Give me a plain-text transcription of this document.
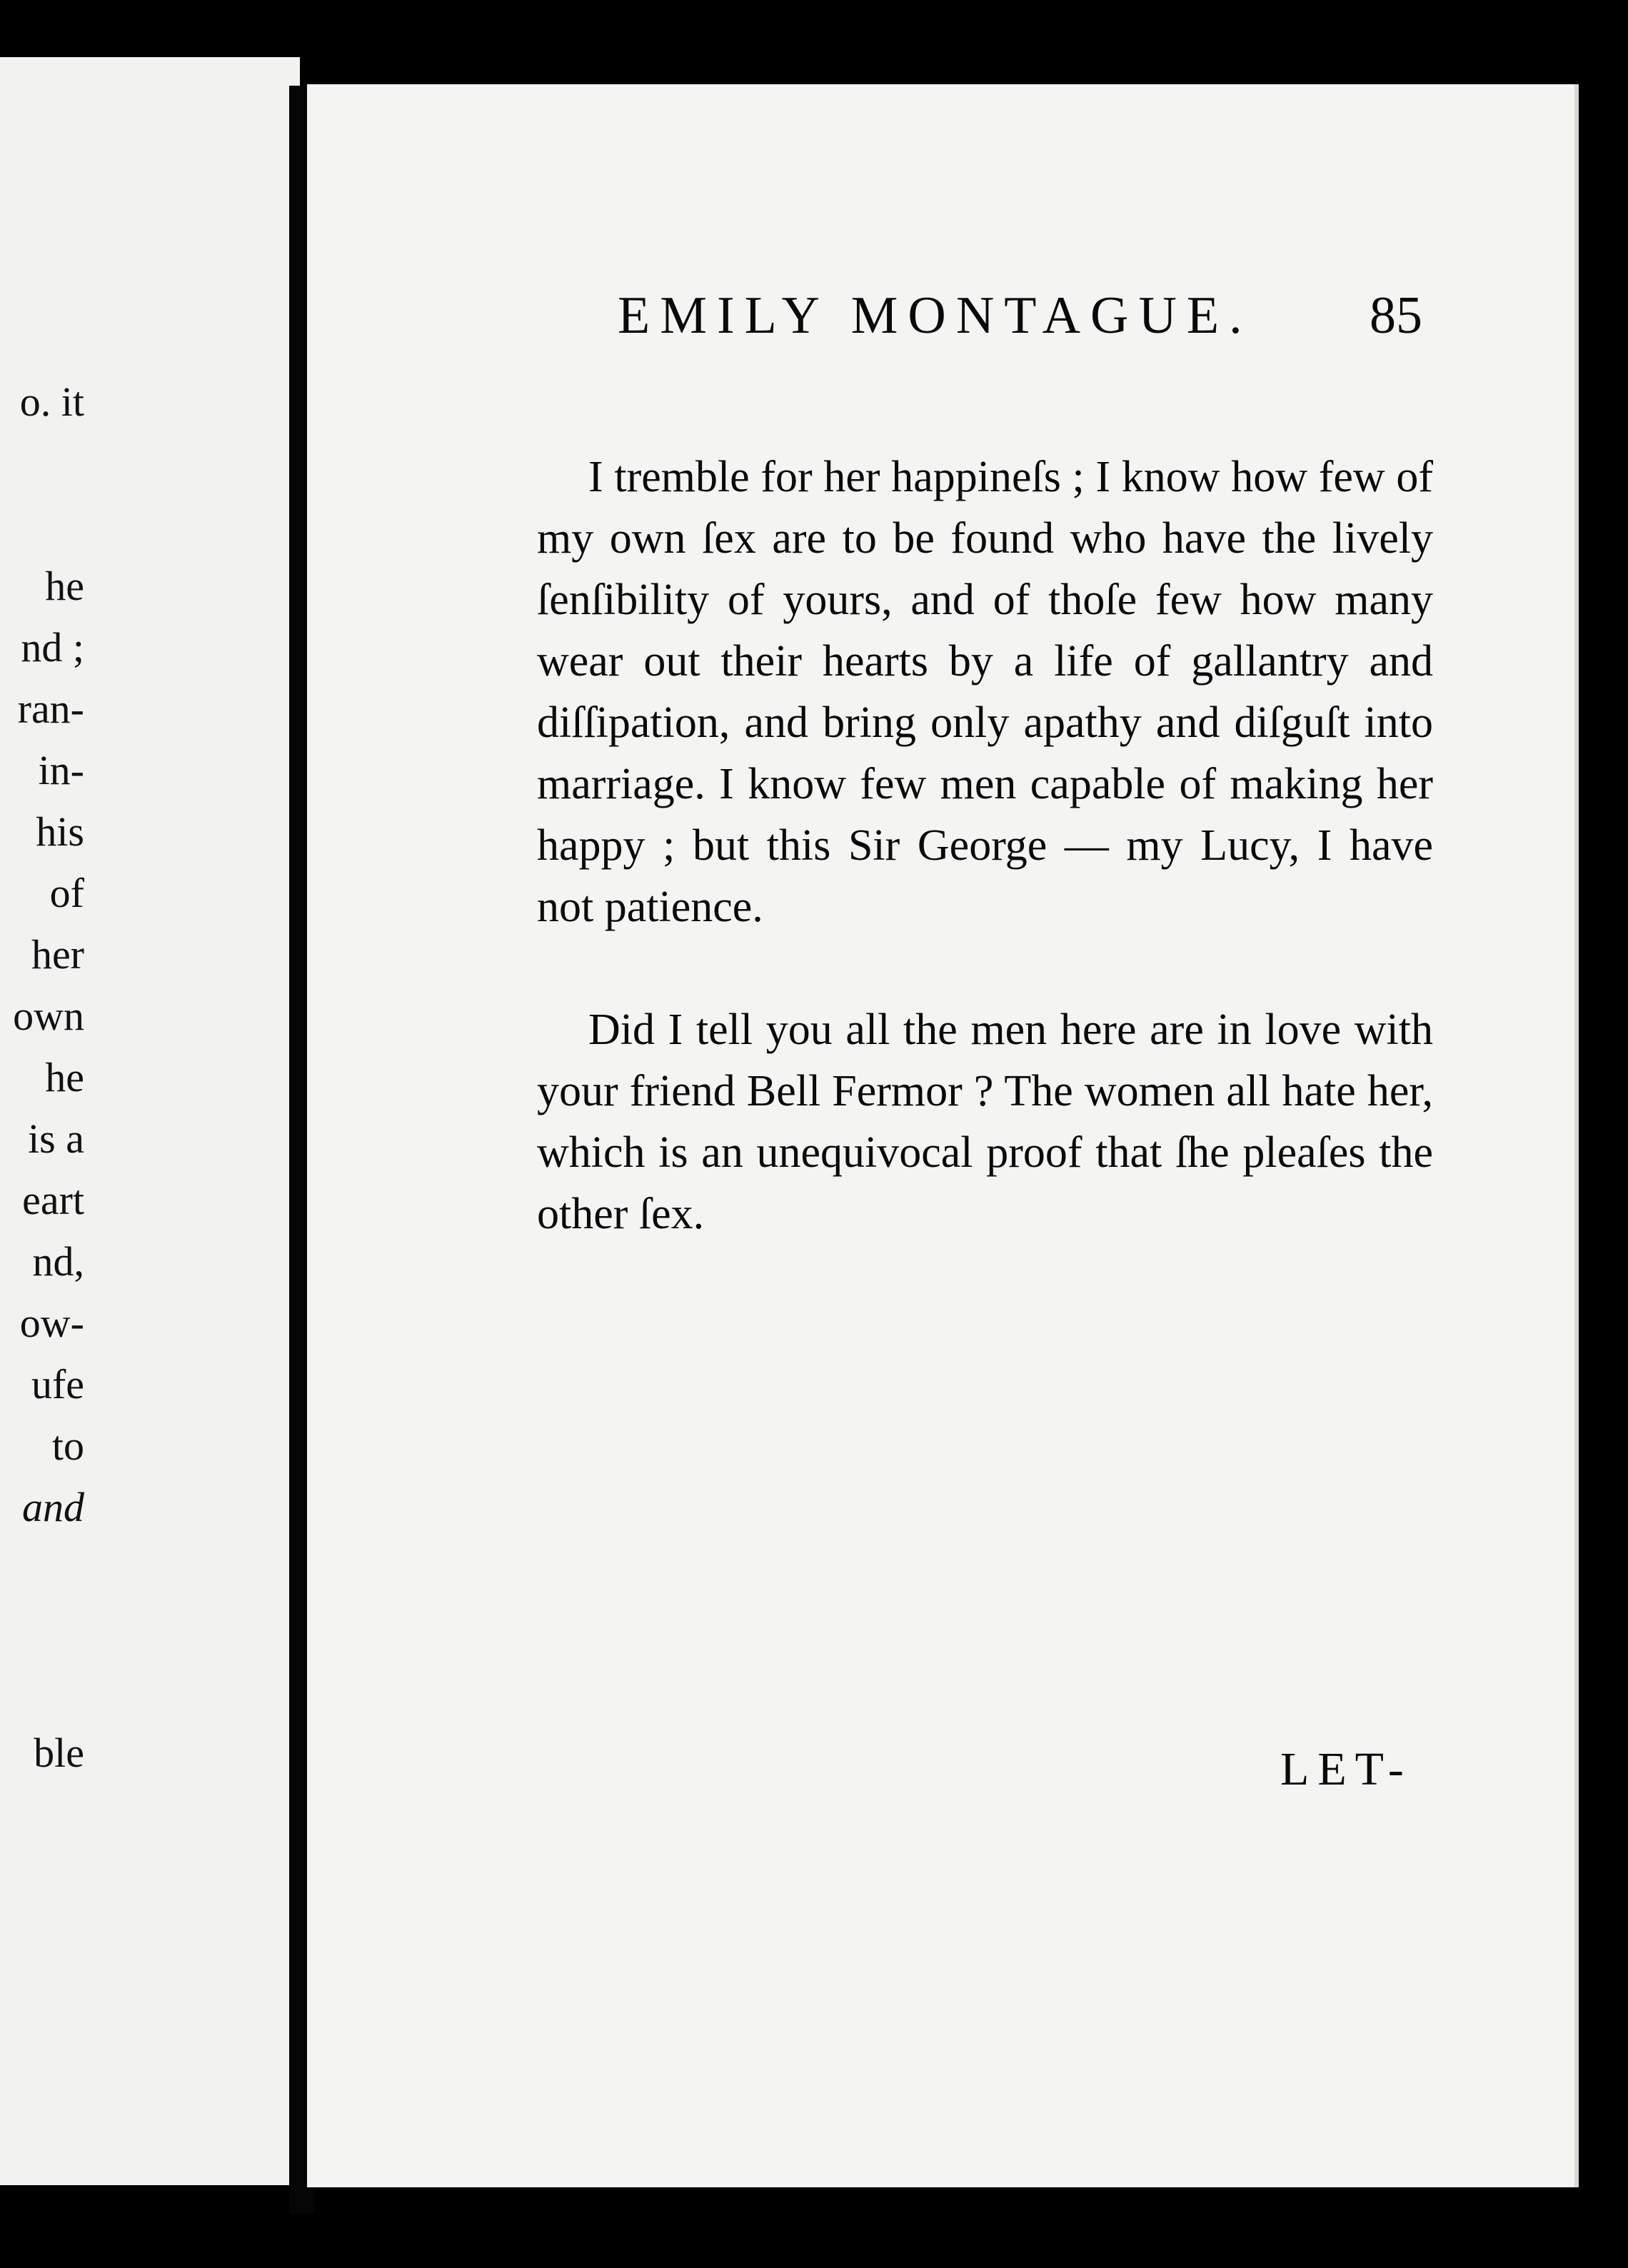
o. it
he
nd ;
ran-
in-
his
of
her
own
he
is a
eart
nd,
ow-
ufe
to
and
ble
EMILY MONTAGUE.	85

I tremble for her happineſs ; I know how few of my own ſex are to be found who have the lively ſenſibility of yours, and of thoſe few how many wear out their hearts by a life of gallantry and diſſipation, and bring only apathy and diſguſt into marriage. I know few men capable of making her happy ; but this Sir George — my Lucy, I have not patience.

Did I tell you all the men here are in love with your friend Bell Fermor ? The women all hate her, which is an unequivocal proof that ſhe pleaſes the other ſex.

LET-
